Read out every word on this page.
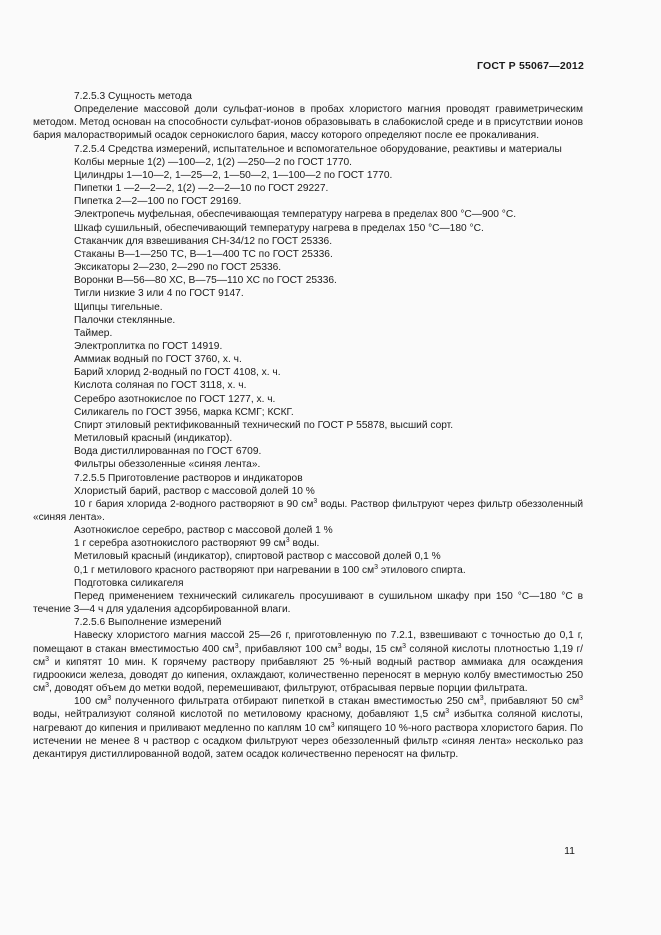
ГОСТ Р 55067—2012

7.2.5.3 Сущность метода

Определение массовой доли сульфат-ионов в пробах хлористого магния проводят гравиметрическим методом. Метод основан на способности сульфат-ионов образовывать в слабокислой среде и в присутствии ионов бария малорастворимый осадок сернокислого бария, массу которого определяют после ее прокаливания.

7.2.5.4 Средства измерений, испытательное и вспомогательное оборудование, реактивы и материалы

Колбы мерные 1(2) —100—2, 1(2) —250—2 по ГОСТ 1770.

Цилиндры 1—10—2, 1—25—2, 1—50—2, 1—100—2 по ГОСТ 1770.

Пипетки 1 —2—2—2, 1(2) —2—2—10 по ГОСТ 29227.

Пипетка 2—2—100 по ГОСТ 29169.

Электропечь муфельная, обеспечивающая температуру нагрева в пределах 800 °С—900 °С.

Шкаф сушильный, обеспечивающий температуру нагрева в пределах 150 °С—180 °С.

Стаканчик для взвешивания СН-34/12 по ГОСТ 25336.

Стаканы В—1—250 ТС, В—1—400 ТС по ГОСТ 25336.

Эксикаторы 2—230, 2—290 по ГОСТ 25336.

Воронки В—56—80 ХС, В—75—110 ХС по ГОСТ 25336.

Тигли низкие 3 или 4 по ГОСТ 9147.

Щипцы тигельные.

Палочки стеклянные.

Таймер.

Электроплитка по ГОСТ 14919.

Аммиак водный по ГОСТ 3760, х. ч.

Барий хлорид 2-водный по ГОСТ 4108, х. ч.

Кислота соляная по ГОСТ 3118, х. ч.

Серебро азотнокислое по ГОСТ 1277, х. ч.

Силикагель по ГОСТ 3956, марка КСМГ; КСКГ.

Спирт этиловый ректификованный технический по ГОСТ Р 55878, высший сорт.

Метиловый красный (индикатор).

Вода дистиллированная по ГОСТ 6709.

Фильтры обеззоленные «синяя лента».

7.2.5.5 Приготовление растворов и индикаторов

Хлористый барий, раствор с массовой долей 10 %

10 г бария хлорида 2-водного растворяют в 90 $см^3$ воды. Раствор фильтруют через фильтр обеззоленный «синяя лента».

Азотнокислое серебро, раствор с массовой долей 1 %

1 г серебра азотнокислого растворяют 99 $см^3$ воды.

Метиловый красный (индикатор), спиртовой раствор с массовой долей 0,1 %

0,1 г метилового красного растворяют при нагревании в 100 $см^3$ этилового спирта.

Подготовка силикагеля

Перед применением технический силикагель просушивают в сушильном шкафу при 150 °С—180 °С в течение 3—4 ч для удаления адсорбированной влаги.

7.2.5.6 Выполнение измерений

Навеску хлористого магния массой 25—26 г, приготовленную по 7.2.1, взвешивают с точностью до 0,1 г, помещают в стакан вместимостью 400 $см^3$, прибавляют 100 $см^3$ воды, 15 $см^3$ соляной кислоты плотностью 1,19 $г/см^3$ и кипятят 10 мин. К горячему раствору прибавляют 25 %-ный водный раствор аммиака для осаждения гидроокиси железа, доводят до кипения, охлаждают, количественно переносят в мерную колбу вместимостью 250 $см^3$, доводят объем до метки водой, перемешивают, фильтруют, отбрасывая первые порции фильтрата.

100 $см^3$ полученного фильтрата отбирают пипеткой в стакан вместимостью 250 $см^3$, прибавляют 50 $см^3$ воды, нейтрализуют соляной кислотой по метиловому красному, добавляют 1,5 $см^3$ избытка соляной кислоты, нагревают до кипения и приливают медленно по каплям 10 $см^3$ кипящего 10 %-ного раствора хлористого бария. По истечении не менее 8 ч раствор с осадком фильтруют через обеззоленный фильтр «синяя лента» несколько раз декантируя дистиллированной водой, затем осадок количественно переносят на фильтр.

11
